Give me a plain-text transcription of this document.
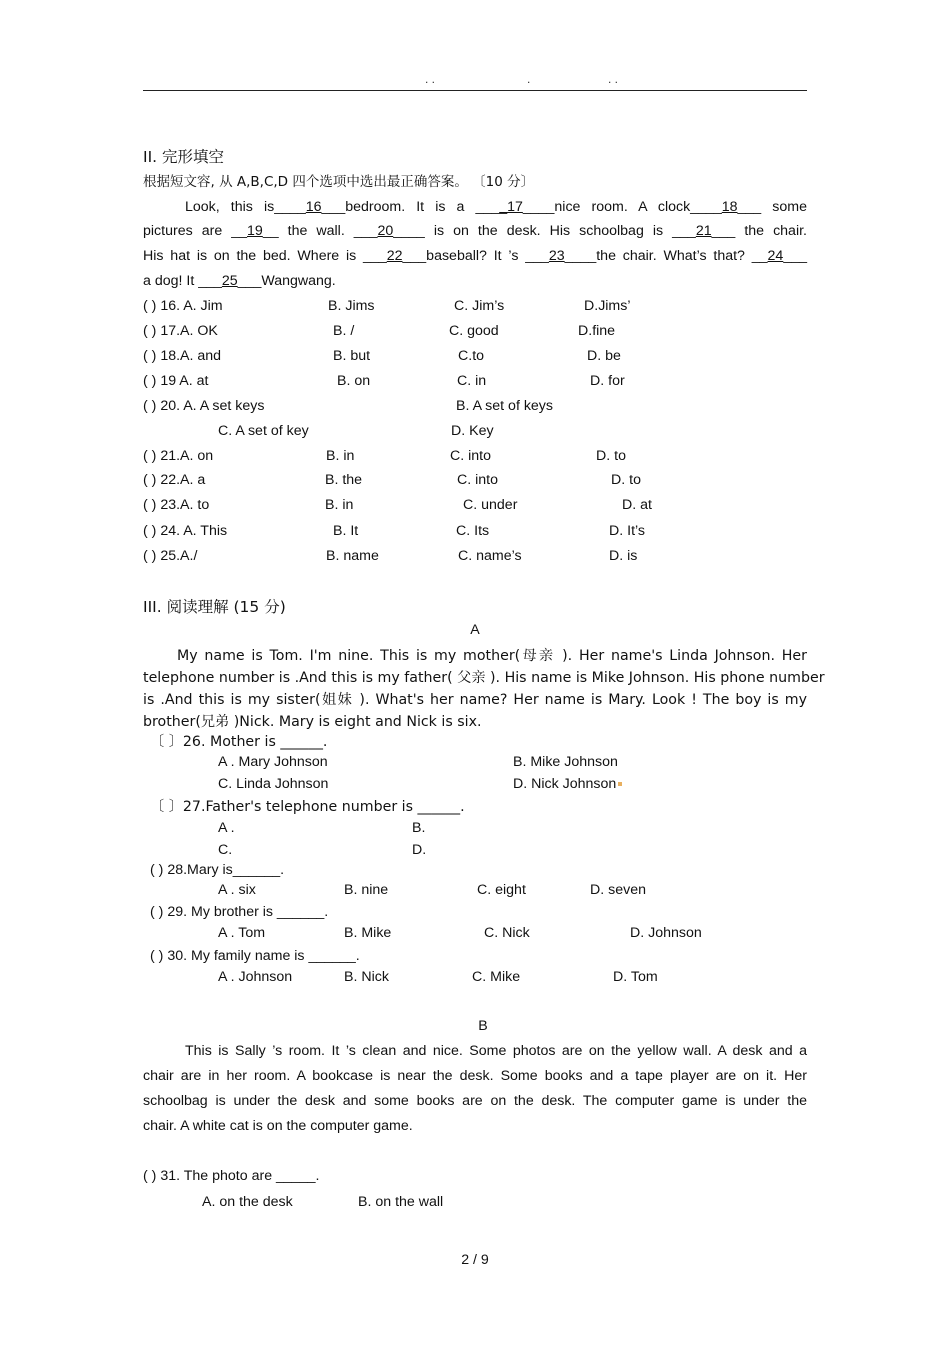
. .	.	. .
II. 完形填空
根据短文容, 从 A,B,C,D 四个选项中选出最正确答案。 〔10 分〕
Look, this is____16___bedroom. It is a ____17____nice room. A clock____18___ some
pictures are __19__ the wall. ___20____ is on the desk. His schoolbag is ___21___ the chair.
His hat is on the bed. Where is ___22___baseball? It ’s ___23____the chair. What’s that? __24___
a dog! It ___25___Wangwang.
( ) 16. A. Jim	B. Jims	C. Jim’s	D.Jims’
( ) 17.A. OK	B. /	C. good	D.fine
( ) 18.A. and	B. but	C.to	D. be
( ) 19 A. at	B. on	C. in	D. for
( ) 20. A. A set keys	B. A set of keys
C. A set of key	D. Key
( ) 21.A. on	B. in	C. into	D. to
( ) 22.A. a	B. the	C. into	D. to
( ) 23.A. to	B. in	C. under	D. at
( ) 24. A. This	B. It	C. Its	D. It’s
( ) 25.A./	B. name	C. name’s	D. is
III. 阅读理解 (15 分)
A
My name is Tom. I'm nine. This is my mother(母亲 ). Her name's Linda Johnson. Her
telephone number is .And this is my father( 父亲 ). His name is Mike Johnson. His phone number
is .And this is my sister(姐妹 ). What's her name? Her name is Mary. Look ! The boy is my
brother(兄弟 )Nick. Mary is eight and Nick is six.
〔 〕26. Mother is ______.
A . Mary Johnson	B. Mike Johnson
C. Linda Johnson	D. Nick Johnson
〔 〕27.Father's telephone number is ______.
A .	B.
C.	D.
( ) 28.Mary is______.
A . six	B. nine	C. eight	D. seven
( ) 29. My brother is ______.
A . Tom	B. Mike	C. Nick	D. Johnson
( ) 30. My family name is ______.
A . Johnson	B. Nick	C. Mike	D. Tom
B
This is Sally ’s room. It ’s clean and nice. Some photos are on the yellow wall. A desk and a
chair are in her room. A bookcase is near the desk. Some books and a tape player are on it. Her
schoolbag is under the desk and some books are on the desk. The computer game is under the
chair. A white cat is on the computer game.
( ) 31. The photo are _____.
A. on the desk	B. on the wall
2 / 9
